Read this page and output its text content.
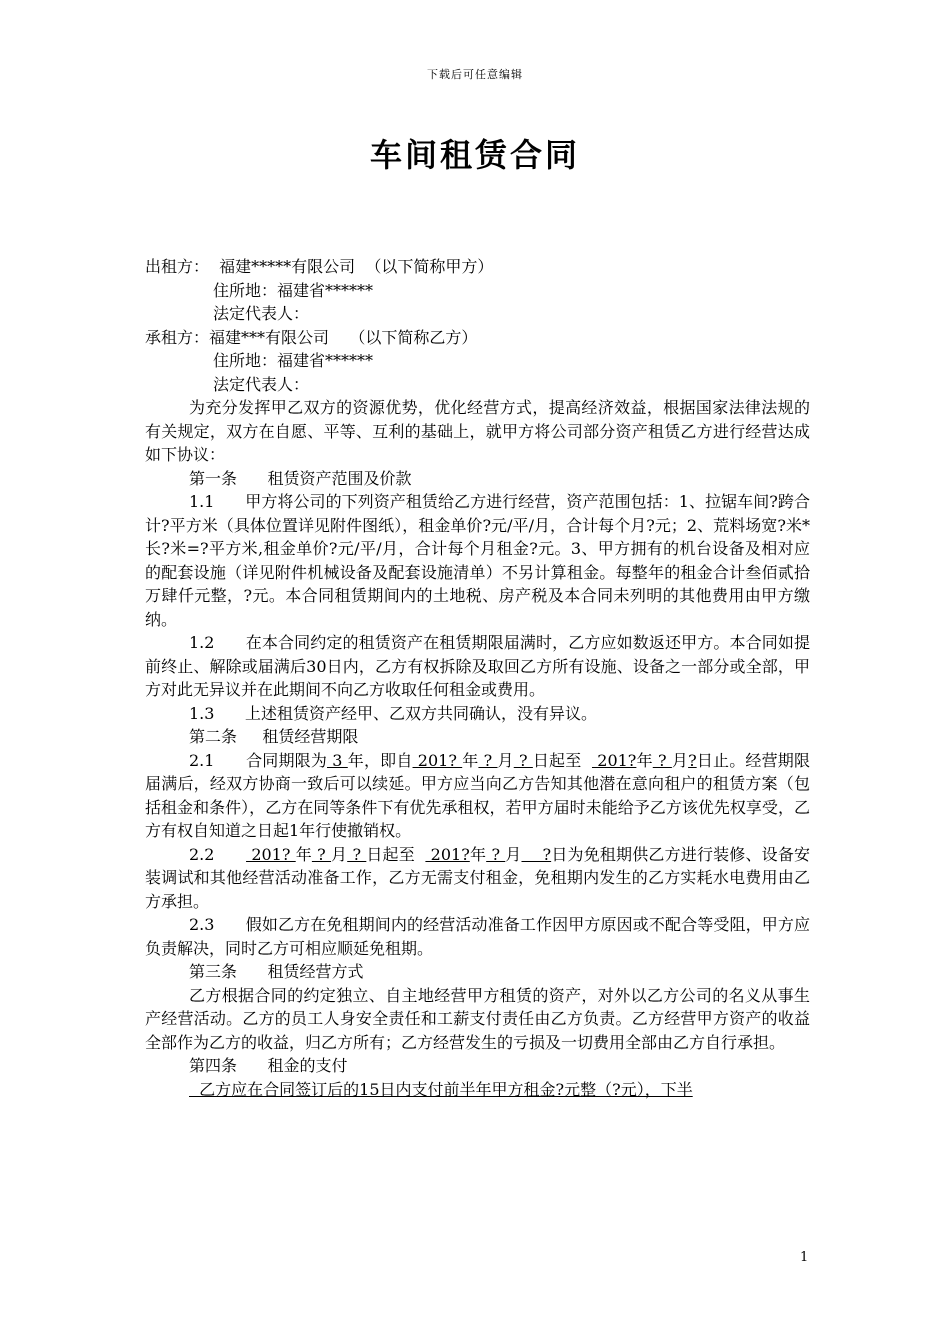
下载后可任意编辑
车间租赁合同
出租方：  福建*****有限公司  （以下简称甲方）
住所地：福建省******
法定代表人：
承租方：福建***有限公司    （以下简称乙方）
住所地：福建省******
法定代表人：
为充分发挥甲乙双方的资源优势，优化经营方式，提高经济效益，根据国家法律法规的有关规定，双方在自愿、平等、互利的基础上，就甲方将公司部分资产租赁乙方进行经营达成如下协议：
第一条      租赁资产范围及价款
1.1      甲方将公司的下列资产租赁给乙方进行经营，资产范围包括：1、拉锯车间?跨合计?平方米（具体位置详见附件图纸），租金单价?元/平/月，合计每个月?元；2、荒料场宽?米*长?米=?平方米,租金单价?元/平/月，合计每个月租金?元。3、甲方拥有的机台设备及相对应的配套设施（详见附件机械设备及配套设施清单）不另计算租金。每整年的租金合计叁佰贰拾万肆仟元整，?元。本合同租赁期间内的土地税、房产税及本合同未列明的其他费用由甲方缴纳。
1.2      在本合同约定的租赁资产在租赁期限届满时，乙方应如数返还甲方。本合同如提前终止、解除或届满后30日内，乙方有权拆除及取回乙方所有设施、设备之一部分或全部，甲方对此无异议并在此期间不向乙方收取任何租金或费用。
1.3      上述租赁资产经甲、乙双方共同确认，没有异议。
第二条     租赁经营期限
2.1      合同期限为 3 年，即自 201? 年 ? 月 ? 日起至   201?年 ? 月?日止。经营期限届满后，经双方协商一致后可以续延。甲方应当向乙方告知其他潜在意向租户的租赁方案（包括租金和条件），乙方在同等条件下有优先承租权，若甲方届时未能给予乙方该优先权享受，乙方有权自知道之日起1年行使撤销权。
2.2       201? 年 ? 月 ? 日起至   201?年 ? 月    ?日为免租期供乙方进行装修、设备安装调试和其他经营活动准备工作，乙方无需支付租金，免租期内发生的乙方实耗水电费用由乙方承担。
2.3      假如乙方在免租期间内的经营活动准备工作因甲方原因或不配合等受阻，甲方应负责解决，同时乙方可相应顺延免租期。
第三条      租赁经营方式
乙方根据合同的约定独立、自主地经营甲方租赁的资产，对外以乙方公司的名义从事生产经营活动。乙方的员工人身安全责任和工薪支付责任由乙方负责。乙方经营甲方资产的收益全部作为乙方的收益，归乙方所有；乙方经营发生的亏损及一切费用全部由乙方自行承担。
第四条      租金的支付
乙方应在合同签订后的15日内支付前半年甲方租金?元整（?元），下半
1
